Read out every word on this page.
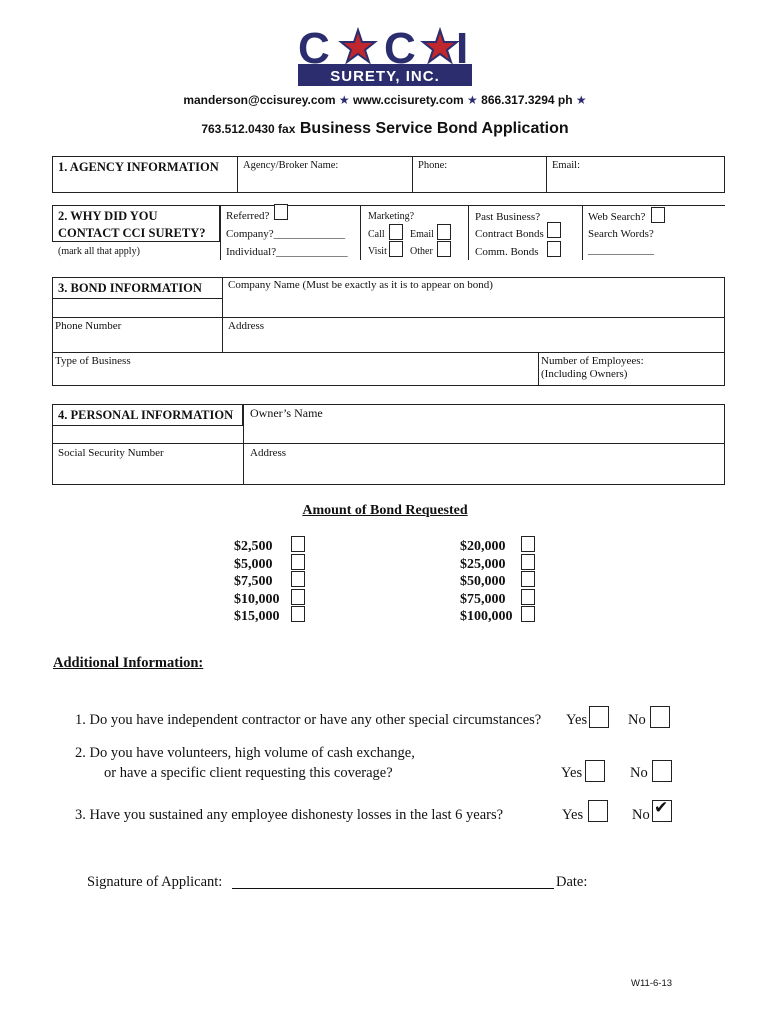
C C I
SURETY, INC.
manderson@ccisurey.com ★ www.ccisurety.com ★ 866.317.3294 ph ★
763.512.0430 fax Business Service Bond Application
1. AGENCY INFORMATION Agency/Broker Name:	Phone:	Email:
2. WHY DID YOU
CONTACT CCI SURETY?
(mark all that apply)
Referred?
Company?_____________
Individual?_____________
Marketing?
Call	Email
Visit Other
Past Business?
Contract Bonds
Comm. Bonds
Web Search?
Search Words?
____________
3. BOND INFORMATION Company Name (Must be exactly as it is to appear on bond)
Phone Number	Address
Type of Business	Number of Employees:
(Including Owners)
4. PERSONAL INFORMATION Owner’s Name
Social Security Number	Address
Amount of Bond Requested
$2,500
$5,000
$7,500
$10,000
$15,000
$20,000
$25,000
$50,000
$75,000
$100,000
Additional Information:
1. Do you have independent contractor or have any other special circumstances? Yes	No
2. Do you have volunteers, high volume of cash exchange,
or have a specific client requesting this coverage?	Yes	No
3. Have you sustained any employee dishonesty losses in the last 6 years?	Yes	No ✔
Signature of Applicant:	Date:
W11-6-13
